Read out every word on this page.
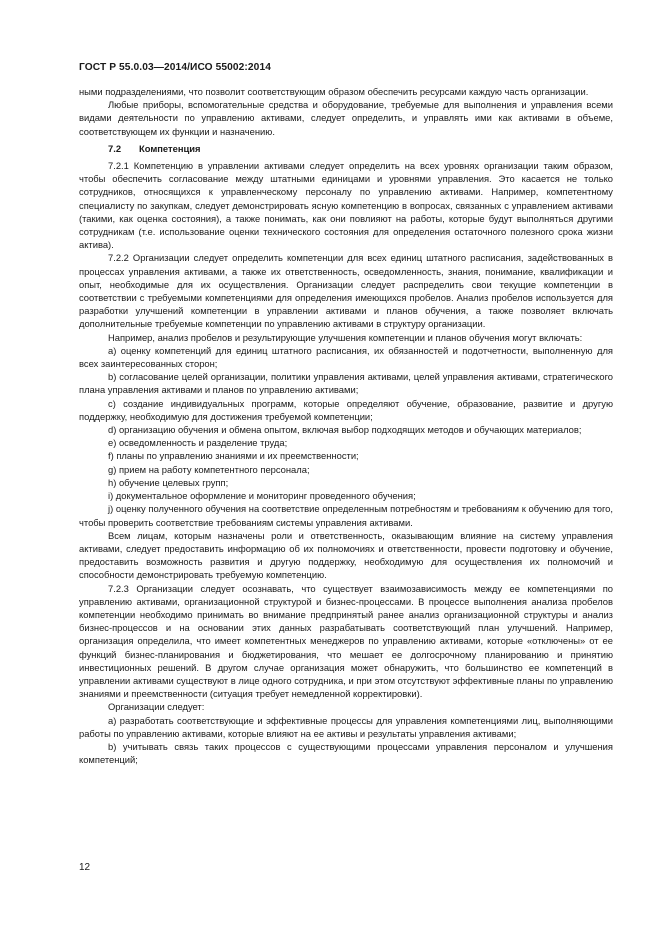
ГОСТ Р 55.0.03—2014/ИСО 55002:2014

ными подразделениями, что позволит соответствующим образом обеспечить ресурсами каждую часть организации.

Любые приборы, вспомогательные средства и оборудование, требуемые для выполнения и управления всеми видами деятельности по управлению активами, следует определить, и управлять ими как активами в объеме, соответствующем их функции и назначению.

7.2 Компетенция

7.2.1 Компетенцию в управлении активами следует определить на всех уровнях организации таким образом, чтобы обеспечить согласование между штатными единицами и уровнями управления. Это касается не только сотрудников, относящихся к управленческому персоналу по управлению активами. Например, компетентному специалисту по закупкам, следует демонстрировать ясную компетенцию в вопросах, связанных с управлением активами (такими, как оценка состояния), а также понимать, как они повлияют на работы, которые будут выполняться другими сотрудникам (т.е. использование оценки технического состояния для определения остаточного полезного срока жизни актива).

7.2.2 Организации следует определить компетенции для всех единиц штатного расписания, задействованных в процессах управления активами, а также их ответственность, осведомленность, знания, понимание, квалификации и опыт, необходимые для их осуществления. Организации следует распределить свои текущие компетенции в соответствии с требуемыми компетенциями для определения имеющихся пробелов. Анализ пробелов используется для разработки улучшений компетенции в управлении активами и планов обучения, а также позволяет включать дополнительные требуемые компетенции по управлению активами в структуру организации.

Например, анализ пробелов и результирующие улучшения компетенции и планов обучения могут включать:

a) оценку компетенций для единиц штатного расписания, их обязанностей и подотчетности, выполненную для всех заинтересованных сторон;

b) согласование целей организации, политики управления активами, целей управления активами, стратегического плана управления активами и планов по управлению активами;

c) создание индивидуальных программ, которые определяют обучение, образование, развитие и другую поддержку, необходимую для достижения требуемой компетенции;

d) организацию обучения и обмена опытом, включая выбор подходящих методов и обучающих материалов;

e) осведомленность и разделение труда;

f) планы по управлению знаниями и их преемственности;

g) прием на работу компетентного персонала;

h) обучение целевых групп;

i) документальное оформление и мониторинг проведенного обучения;

j) оценку полученного обучения на соответствие определенным потребностям и требованиям к обучению для того, чтобы проверить соответствие требованиям системы управления активами.

Всем лицам, которым назначены роли и ответственность, оказывающим влияние на систему управления активами, следует предоставить информацию об их полномочиях и ответственности, провести подготовку и обучение, предоставить возможность развития и другую поддержку, необходимую для осуществления их полномочий и способности демонстрировать требуемую компетенцию.

7.2.3 Организации следует осознавать, что существует взаимозависимость между ее компетенциями по управлению активами, организационной структурой и бизнес-процессами. В процессе выполнения анализа пробелов компетенции необходимо принимать во внимание предпринятый ранее анализ организационной структуры и анализ бизнес-процессов и на основании этих данных разрабатывать соответствующий план улучшений. Например, организация определила, что имеет компетентных менеджеров по управлению активами, которые «отключены» от ее функций бизнес-планирования и бюджетирования, что мешает ее долгосрочному планированию и принятию инвестиционных решений. В другом случае организация может обнаружить, что большинство ее компетенций в управлении активами существуют в лице одного сотрудника, и при этом отсутствуют эффективные планы по управлению знаниями и преемственности (ситуация требует немедленной корректировки).

Организации следует:

a) разработать соответствующие и эффективные процессы для управления компетенциями лиц, выполняющими работы по управлению активами, которые влияют на ее активы и результаты управления активами;

b) учитывать связь таких процессов с существующими процессами управления персоналом и улучшения компетенций;

12
